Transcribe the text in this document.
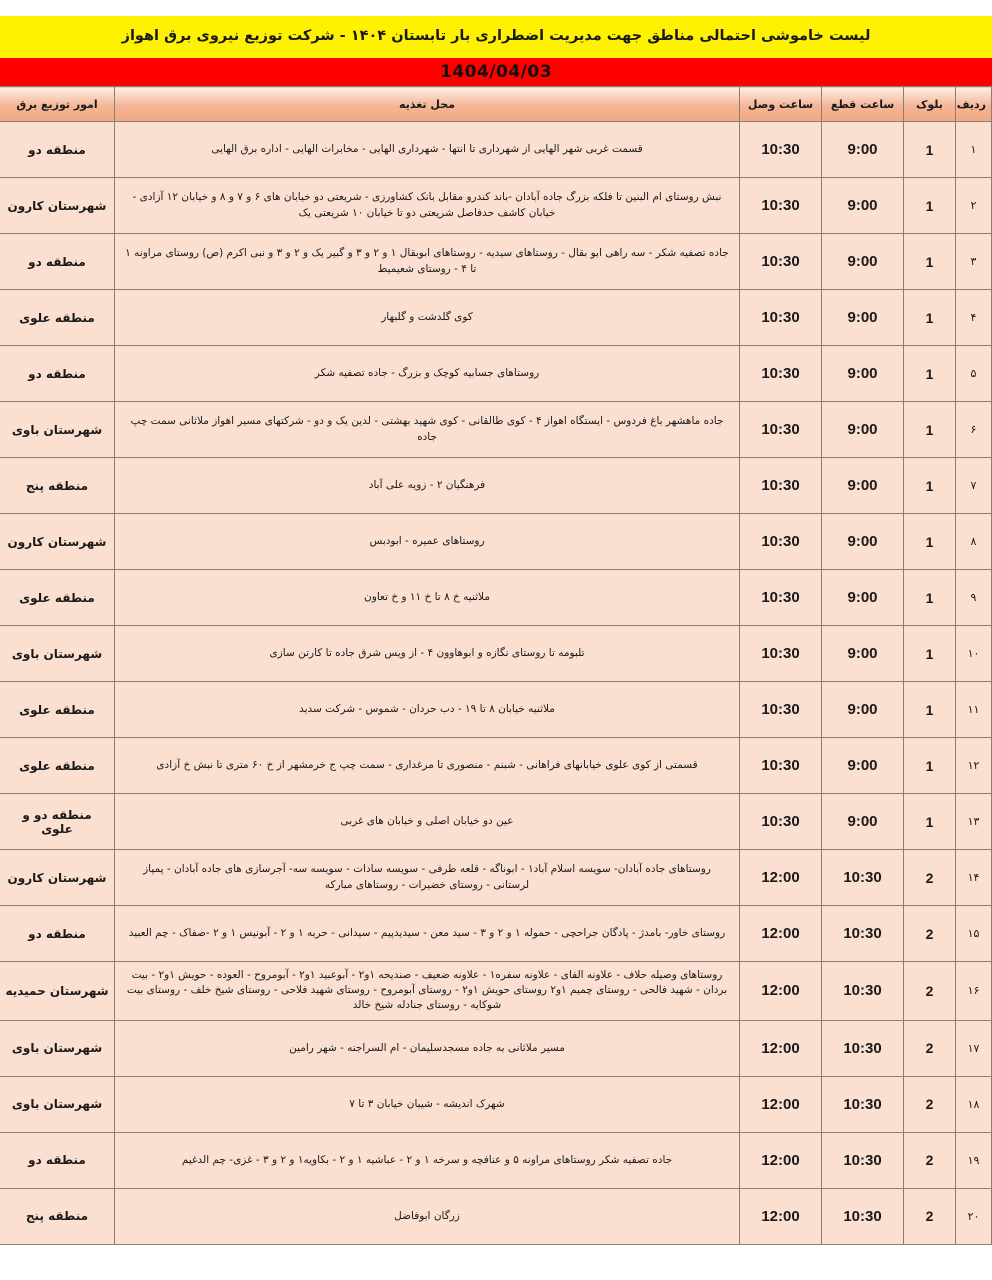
لیست خاموشی احتمالی مناطق جهت مدیریت اضطراری بار تابستان ۱۴۰۴ - شرکت توزیع نیروی برق اهواز
1404/04/03
ردیف	بلوک	ساعت قطع	ساعت وصل	محل تغذیه	امور توزیع برق
۱	1	9:00	10:30	قسمت غربی شهر الهایی از شهرداری تا انتها - شهرداری الهایی - مخابرات الهایی - اداره برق الهایی	منطقه دو
۲	1	9:00	10:30	نبش روستای ام البنین تا فلکه بزرگ جاده آبادان -باند کندرو مقابل بانک کشاورزی - شریعتی دو خیابان های ۶ و ۷ و ۸ و خیابان ۱۲ آزادی - خیابان کاشف حدفاصل شریعتی دو تا خیابان ۱۰ شریعتی یک	شهرستان کارون
۳	1	9:00	10:30	جاده تصفیه شکر - سه راهی ابو بقال - روستاهای سیدیه - روستاهای ابوبقال ۱ و ۲ و ۳ و گبیر یک و ۲ و ۳ و نبی اکرم (ص) روستای مراونه ۱ تا ۴ - روستای شعیمیط	منطقه دو
۴	1	9:00	10:30	کوی گلدشت و گلبهار	منطقه علوی
۵	1	9:00	10:30	روستاهای جسابیه کوچک و بزرگ - جاده تصفیه شکر	منطقه دو
۶	1	9:00	10:30	جاده ماهشهر باغ فردوس - ایستگاه اهواز ۴ - کوی طالقانی - کوی شهید بهشتی - لدین یک و دو - شرکتهای مسیر اهواز ملاثانی سمت چپ جاده	شهرستان باوی
۷	1	9:00	10:30	فرهنگیان ۲ - زویه علی آباد	منطقه پنج
۸	1	9:00	10:30	روستاهای عمیره - ابودبس	شهرستان کارون
۹	1	9:00	10:30	ملاثنیه خ ۸ تا خ ۱۱ و خ تعاون	منطقه علوی
۱۰	1	9:00	10:30	تلبومه تا روستای نگازه و ابوهاوون ۴ - از ویس شرق جاده تا کارتن سازی	شهرستان باوی
۱۱	1	9:00	10:30	ملاثنیه خیابان ۸ تا ۱۹ - دب حردان - شموس - شرکت سدید	منطقه علوی
۱۲	1	9:00	10:30	قسمتی از کوی علوی خیابانهای فراهانی - شبنم - منصوری تا مرغداری - سمت چپ ج خرمشهر از خ ۶۰ متری تا نبش خ آزادی	منطقه علوی
۱۳	1	9:00	10:30	عین دو خیابان اصلی و خیابان های غربی	منطقه دو و علوی
۱۴	2	10:30	12:00	روستاهای جاده آبادان- سویسه اسلام آباد۱ - ابوناگه - قلعه طرفی - سویسه سادات - سویسه سه- آجرسازی های جاده آبادان - پمپاز لرستانی - روستای خضیرات - روستاهای مبارکه	شهرستان کارون
۱۵	2	10:30	12:00	روستای خاور- بامدژ - پادگان جراحچی - حموله ۱ و ۲ و ۳ - سید معن - سیدیدپیم - سیدانی - حربه ۱ و ۲ - آبونیس ۱ و ۲ -صفاک - چم العبید	منطقه دو
۱۶	2	10:30	12:00	روستاهای وصیله حلاف - علاونه الفای - علاونه سفره۱ - علاونه ضعیف - صندیحه ۱و۲ - آبوعبید ۱و۲ - آبومروح - العوده - حویش ۱و۲ - بیت بردان - شهید فالحی - روستای چمیم ۱و۲ روستای حویش ۱و۲ - روستای آبومروح - روستای شهید فلاحی - روستای شیخ خلف - روستای بیت شوکایه - روستای جنادله شیخ خالد	شهرستان حمیدیه
۱۷	2	10:30	12:00	مسیر ملاثانی به جاده مسجدسلیمان - ام السراجنه - شهر رامین	شهرستان باوی
۱۸	2	10:30	12:00	شهرک اندیشه - شیبان خیابان ۳ تا ۷	شهرستان باوی
۱۹	2	10:30	12:00	جاده تصفیه شکر روستاهای مراونه ۵ و عنافچه و سرخه ۱ و ۲ - عباشیه ۱ و ۲ - بکاویه۱ و ۲ و ۳ - غزی- چم الدغیم	منطقه دو
۲۰	2	10:30	12:00	زرگان ابوفاضل	منطقه پنج
